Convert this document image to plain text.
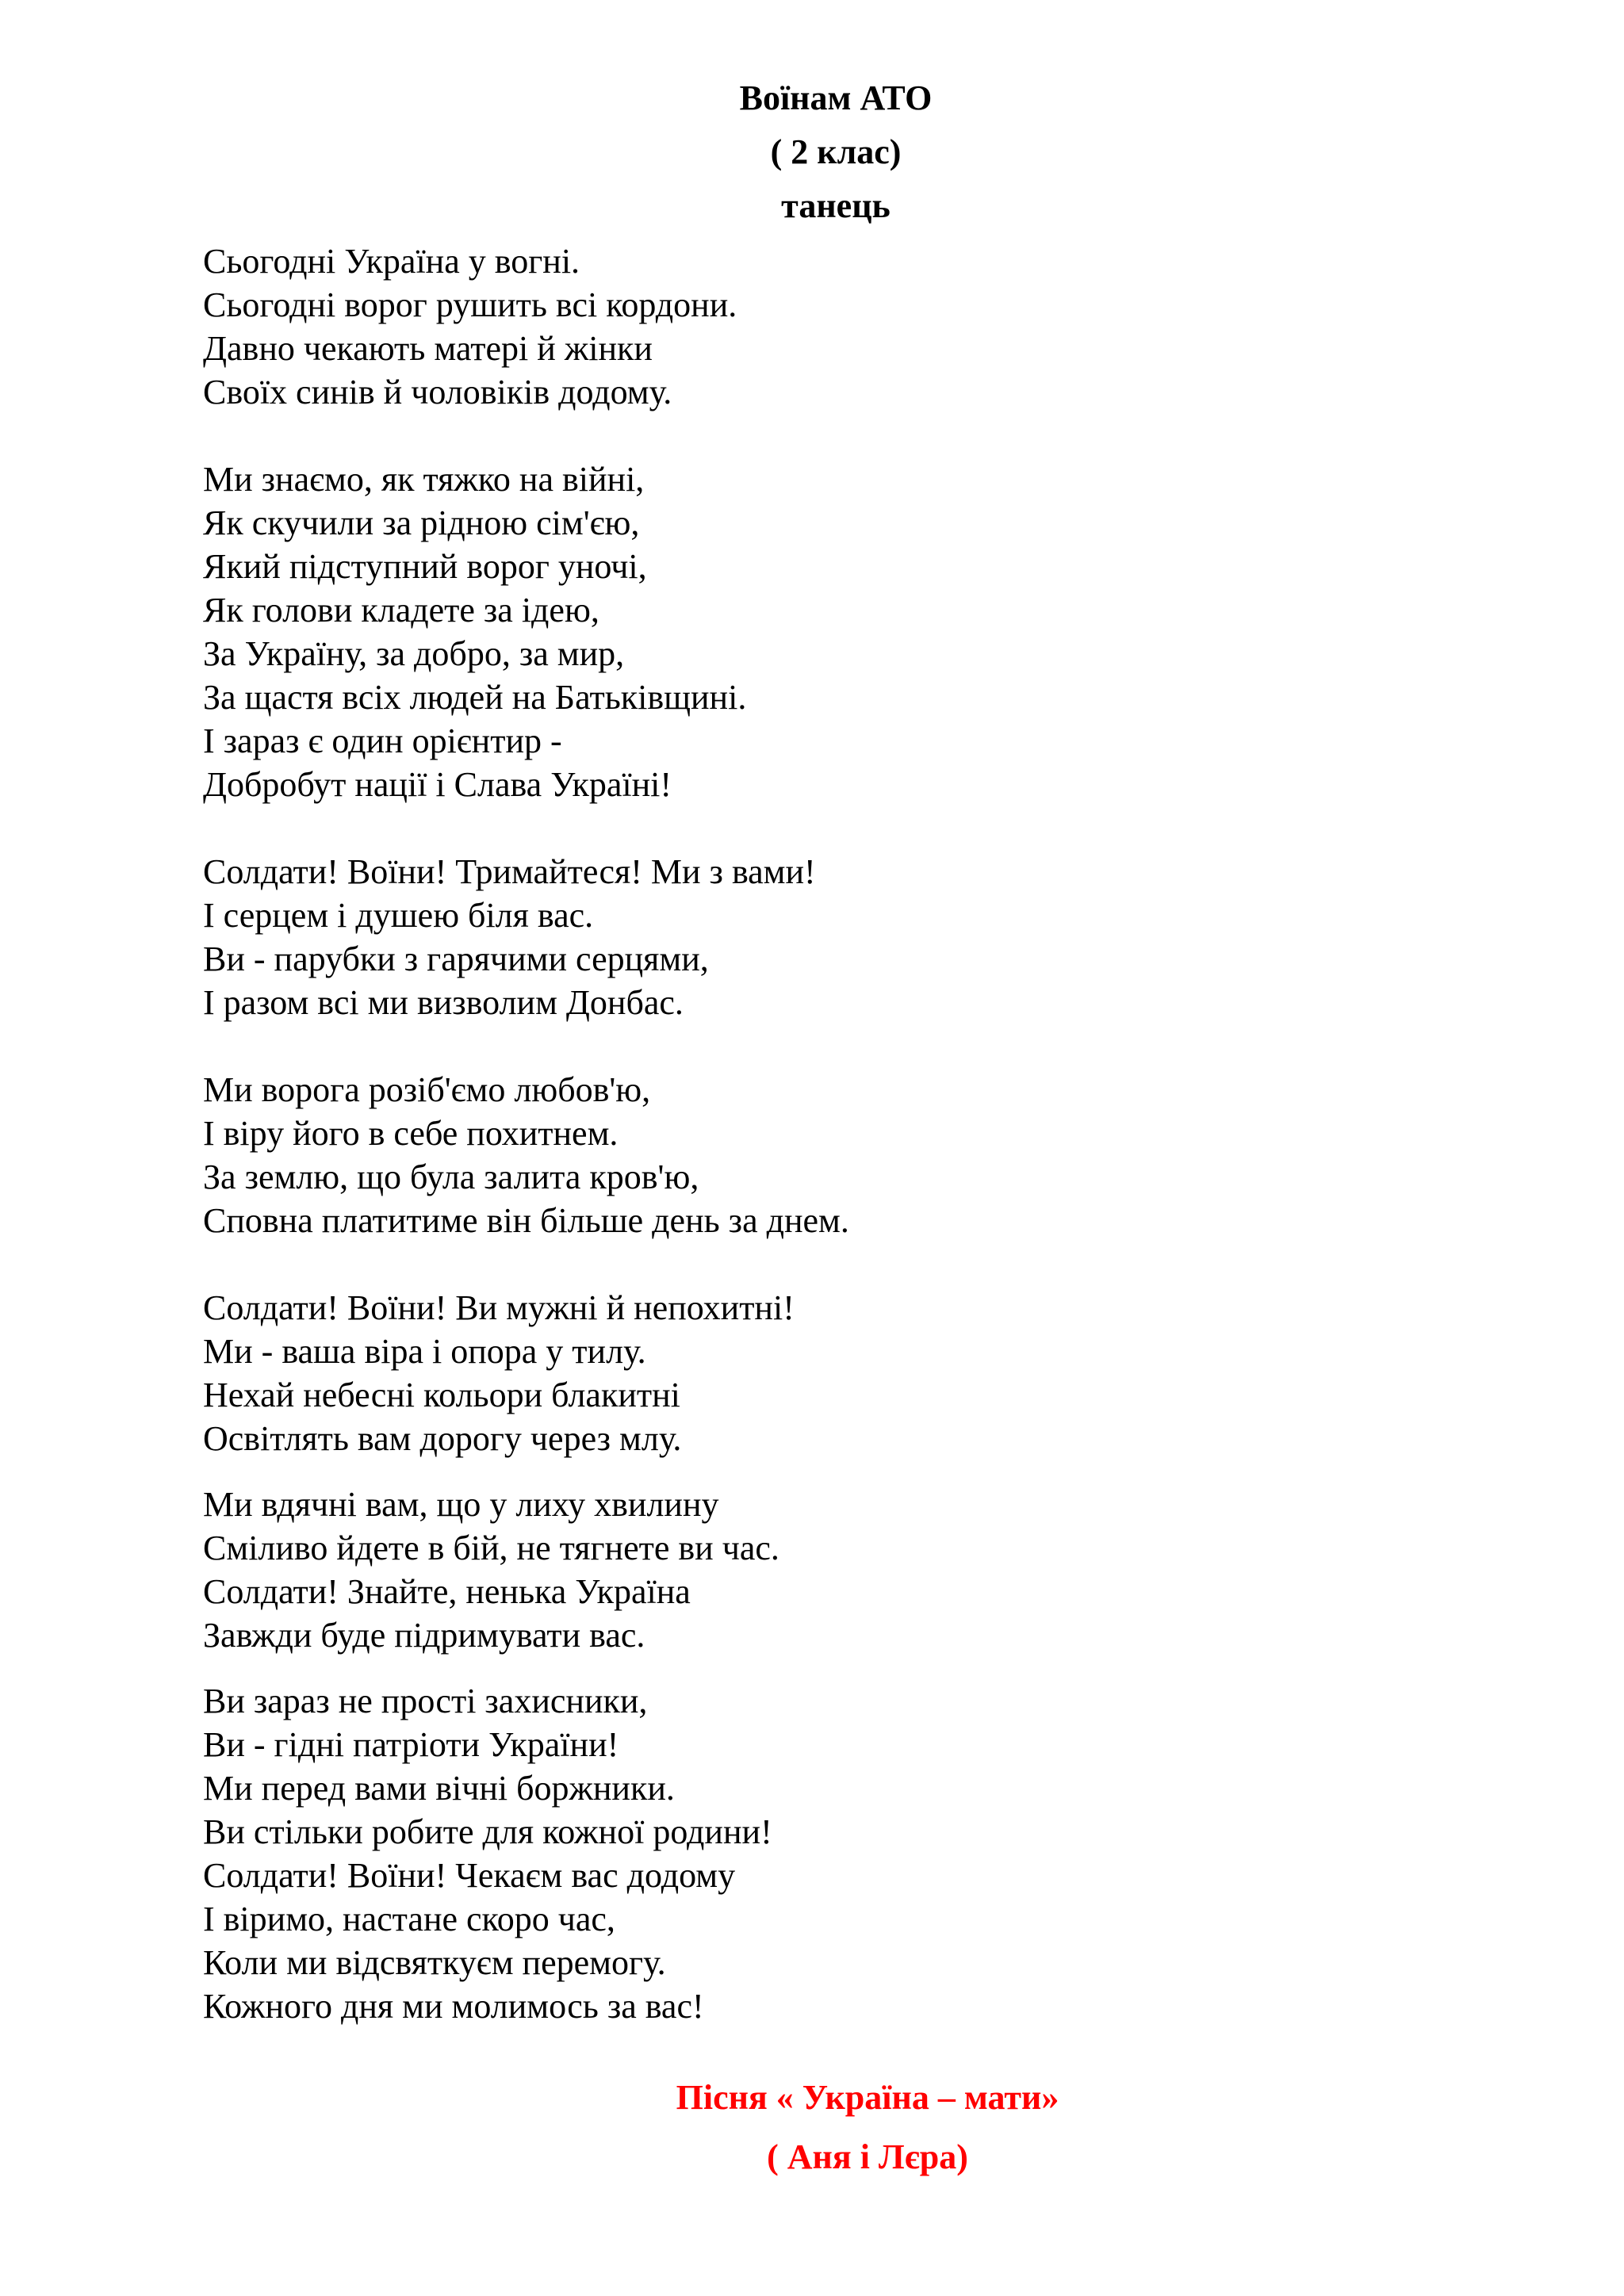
Воїнам АТО
( 2 клас)
танець
Сьогодні Україна у вогні.
Сьогодні ворог рушить всі кордони.
Давно чекають матері й жінки
Своїх синів й чоловіків додому.
Ми знаємо, як тяжко на війні,
Як скучили за рідною сім'єю,
Який підступний ворог уночі,
Як голови кладете за ідею,
За Україну, за добро, за мир,
За щастя всіх людей на Батьківщині.
І зараз є один орієнтир -
Добробут нації і Слава Україні!
Солдати! Воїни! Тримайтеся! Ми з вами!
І серцем і душею біля вас.
Ви - парубки з гарячими серцями,
І разом всі ми визволим Донбас.
Ми ворога розіб'ємо любов'ю,
І віру його в себе похитнем.
За землю, що була залита кров'ю,
Сповна платитиме він більше день за днем.
Солдати! Воїни! Ви мужні й непохитні!
Ми - ваша віра і опора у тилу.
Нехай небесні кольори блакитні
Освітлять вам дорогу через млу.
Ми вдячні вам, що у лиху хвилину
Сміливо йдете в бій, не тягнете ви час.
Солдати! Знайте, ненька Україна
Завжди буде підримувати вас.
Ви зараз не прості захисники,
Ви - гідні патріоти України!
Ми перед вами вічні боржники.
Ви стільки робите для кожної родини!
Солдати! Воїни! Чекаєм вас додому
І віримо, настане скоро час,
Коли ми відсвяткуєм перемогу.
Кожного дня ми молимось за вас!
Пісня « Україна – мати»
( Аня і Лєра)
